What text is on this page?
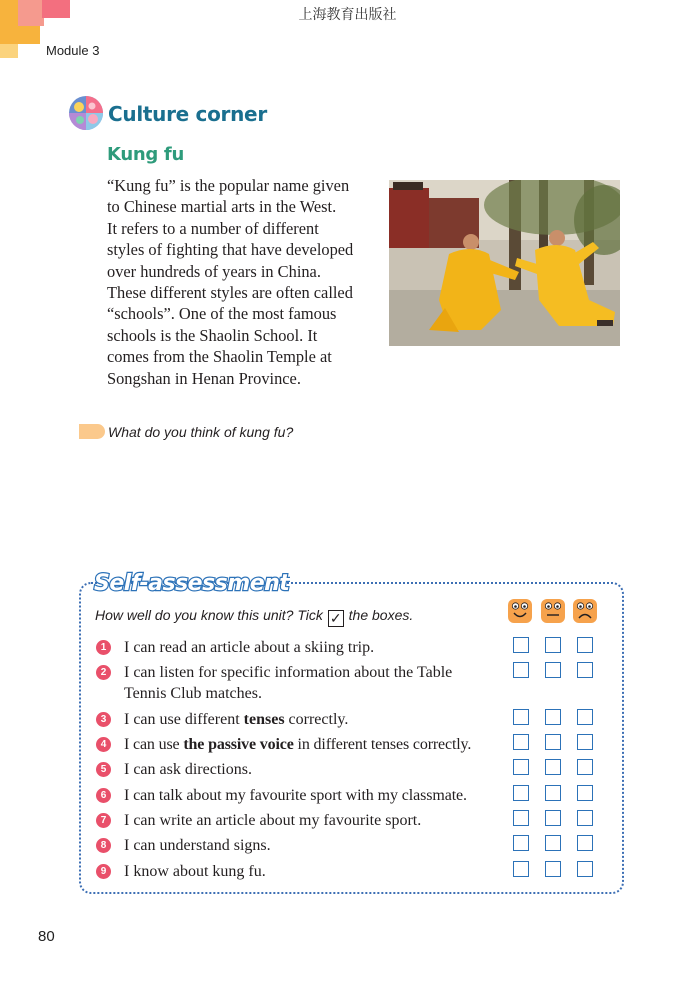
上海教育出版社
Module 3
Culture corner
Kung fu
“Kung fu” is the popular name given
to Chinese martial arts in the West.
It refers to a number of different
styles of fighting that have developed
over hundreds of years in China.
These different styles are often called
“schools”. One of the most famous
schools is the Shaolin School. It
comes from the Shaolin Temple at
Songshan in Henan Province.
What do you think of kung fu?
Self-assessment
How well do you know this unit? Tick ✓ the boxes.
1 I can read an article about a skiing trip.
2 I can listen for specific information about the Table
Tennis Club matches.
3 I can use different tenses correctly.
4 I can use the passive voice in different tenses correctly.
5 I can ask directions.
6 I can talk about my favourite sport with my classmate.
7 I can write an article about my favourite sport.
8 I can understand signs.
9 I know about kung fu.
80
